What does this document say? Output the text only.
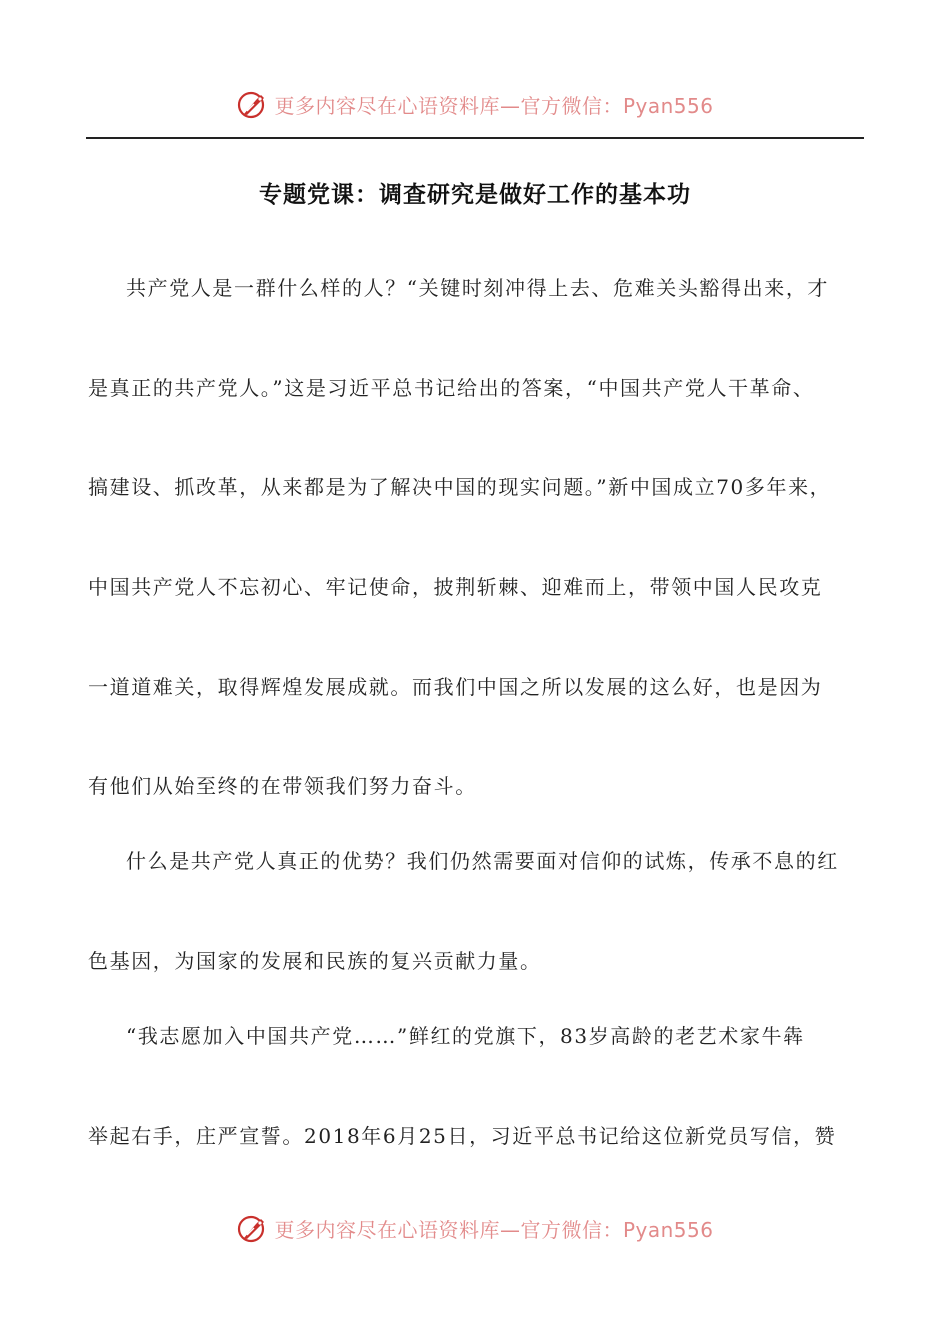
更多内容尽在心语资料库—官方微信：Pyan556
专题党课：调查研究是做好工作的基本功
共产党人是一群什么样的人？“关键时刻冲得上去、危难关头豁得出来，才
是真正的共产党人。”这是习近平总书记给出的答案，“中国共产党人干革命、
搞建设、抓改革，从来都是为了解决中国的现实问题。”新中国成立70多年来，
中国共产党人不忘初心、牢记使命，披荆斩棘、迎难而上，带领中国人民攻克
一道道难关，取得辉煌发展成就。而我们中国之所以发展的这么好，也是因为
有他们从始至终的在带领我们努力奋斗。
什么是共产党人真正的优势？我们仍然需要面对信仰的试炼，传承不息的红
色基因，为国家的发展和民族的复兴贡献力量。
“我志愿加入中国共产党……”鲜红的党旗下，83岁高龄的老艺术家牛犇
举起右手，庄严宣誓。2018年6月25日，习近平总书记给这位新党员写信，赞
更多内容尽在心语资料库—官方微信：Pyan556
